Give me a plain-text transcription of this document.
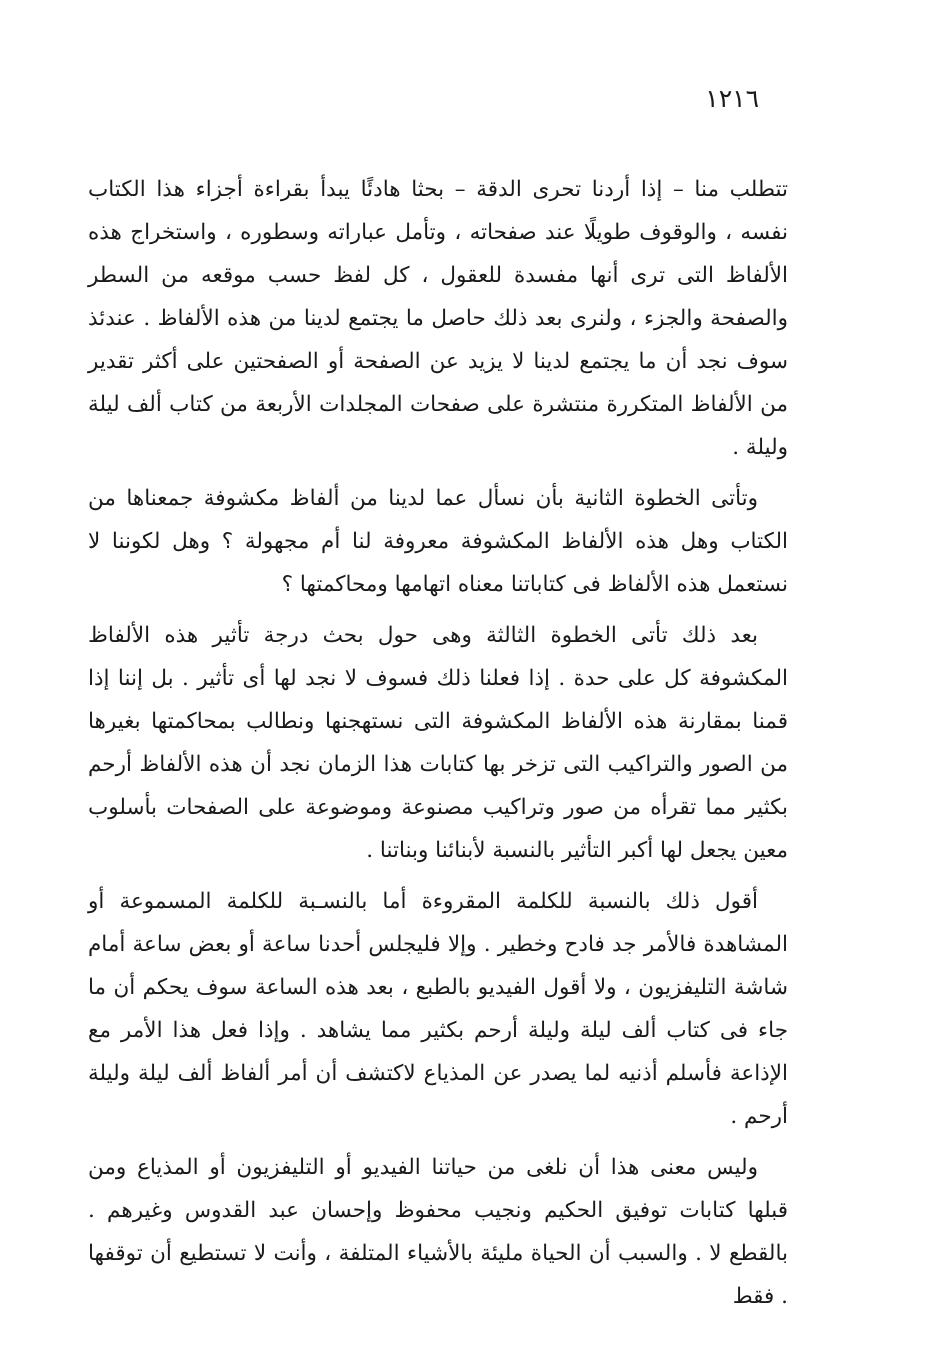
١٢١٦

تتطلب منا – إذا أردنا تحرى الدقة – بحثا هادئًا يبدأ بقراءة أجزاء هذا الكتاب نفسه ، والوقوف طويلًا عند صفحاته ، وتأمل عباراته وسطوره ، واستخراج هذه الألفاظ التى ترى أنها مفسدة للعقول ، كل لفظ حسب موقعه من السطر والصفحة والجزء ، ولنرى بعد ذلك حاصل ما يجتمع لدينا من هذه الألفاظ . عندئذ سوف نجد أن ما يجتمع لدينا لا يزيد عن الصفحة أو الصفحتين على أكثر تقدير من الألفاظ المتكررة منتشرة على صفحات المجلدات الأربعة من كتاب ألف ليلة وليلة .

وتأتى الخطوة الثانية بأن نسأل عما لدينا من ألفاظ مكشوفة جمعناها من الكتاب وهل هذه الألفاظ المكشوفة معروفة لنا أم مجهولة ؟ وهل لكوننا لا نستعمل هذه الألفاظ فى كتاباتنا معناه اتهامها ومحاكمتها ؟

بعد ذلك تأتى الخطوة الثالثة وهى حول بحث درجة تأثير هذه الألفاظ المكشوفة كل على حدة . إذا فعلنا ذلك فسوف لا نجد لها أى تأثير . بل إننا إذا قمنا بمقارنة هذه الألفاظ المكشوفة التى نستهجنها ونطالب بمحاكمتها بغيرها من الصور والتراكيب التى تزخر بها كتابات هذا الزمان نجد أن هذه الألفاظ أرحم بكثير مما تقرأه من صور وتراكيب مصنوعة وموضوعة على الصفحات بأسلوب معين يجعل لها أكبر التأثير بالنسبة لأبنائنا وبناتنا .

أقول ذلك بالنسبة للكلمة المقروءة أما بالنسـبة للكلمة المسموعة أو المشاهدة فالأمر جد فادح وخطير . وإلا فليجلس أحدنا ساعة أو بعض ساعة أمام شاشة التليفزيون ، ولا أقول الفيديو بالطبع ، بعد هذه الساعة سوف يحكم أن ما جاء فى كتاب ألف ليلة وليلة أرحم بكثير مما يشاهد . وإذا فعل هذا الأمر مع الإذاعة فأسلم أذنيه لما يصدر عن المذياع لاكتشف أن أمر ألفاظ ألف ليلة وليلة أرحم .

وليس معنى هذا أن نلغى من حياتنا الفيديو أو التليفزيون أو المذياع ومن قبلها كتابات توفيق الحكيم ونجيب محفوظ وإحسان عبد القدوس وغيرهم . بالقطع لا . والسبب أن الحياة مليئة بالأشياء المتلفة ، وأنت لا تستطيع أن توقفها . فقط
